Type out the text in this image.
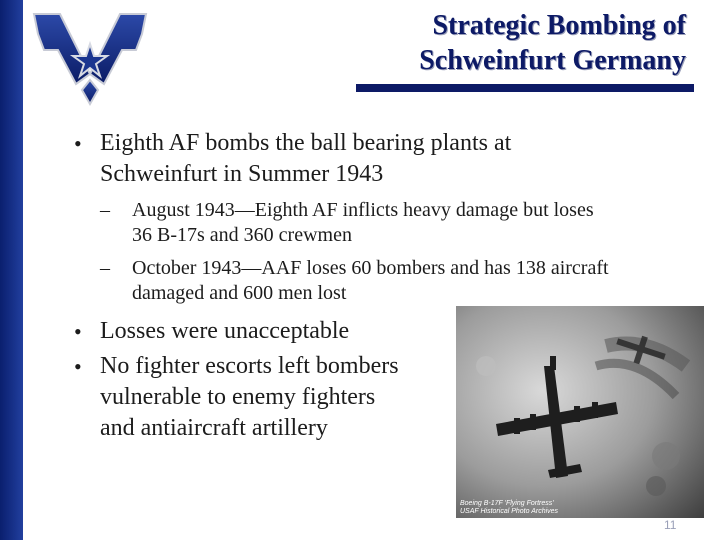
Strategic Bombing of
Schweinfurt Germany
• Eighth AF bombs the ball bearing plants at
Schweinfurt in Summer 1943
– August 1943—Eighth AF inflicts heavy damage but loses
36 B-17s and 360 crewmen
– October 1943—AAF loses 60 bombers and has 138 aircraft
damaged and 600 men lost
• Losses were unacceptable
• No fighter escorts left bombers
vulnerable to enemy fighters
and antiaircraft artillery
Boeing B-17F 'Flying Fortress'
USAF Historical Photo Archives
11
